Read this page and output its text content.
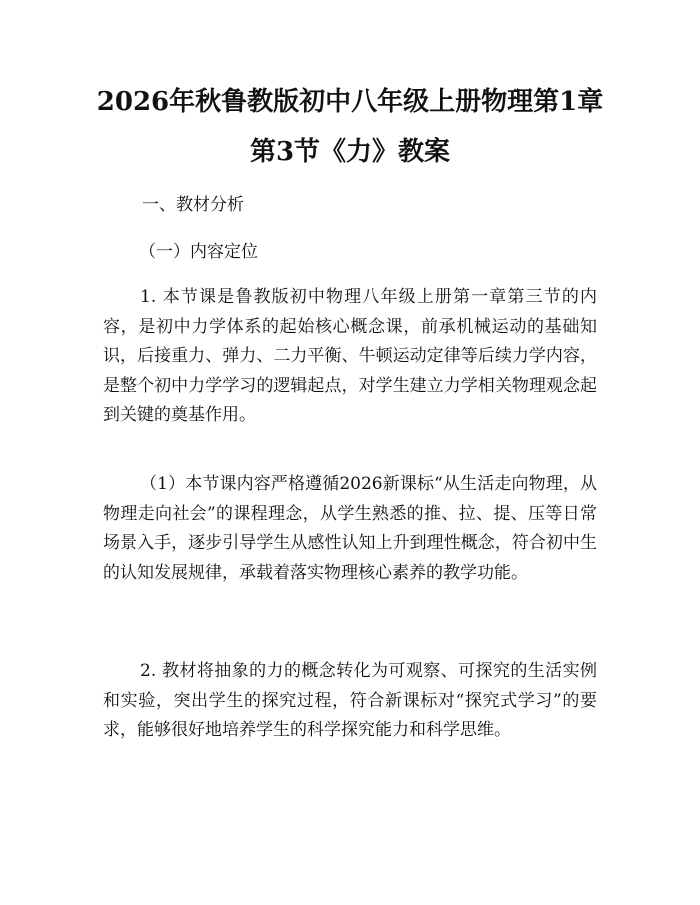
2026年秋鲁教版初中八年级上册物理第1章
第3节《力》教案
一、教材分析
（一）内容定位

1. 本节课是鲁教版初中物理八年级上册第一章第三节的内容，是初中力学体系的起始核心概念课，前承机械运动的基础知识，后接重力、弹力、二力平衡、牛顿运动定律等后续力学内容，是整个初中力学学习的逻辑起点，对学生建立力学相关物理观念起到关键的奠基作用。

（1）本节课内容严格遵循2026新课标“从生活走向物理，从物理走向社会”的课程理念，从学生熟悉的推、拉、提、压等日常场景入手，逐步引导学生从感性认知上升到理性概念，符合初中生的认知发展规律，承载着落实物理核心素养的教学功能。

2. 教材将抽象的力的概念转化为可观察、可探究的生活实例和实验，突出学生的探究过程，符合新课标对“探究式学习”的要求，能够很好地培养学生的科学探究能力和科学思维。
